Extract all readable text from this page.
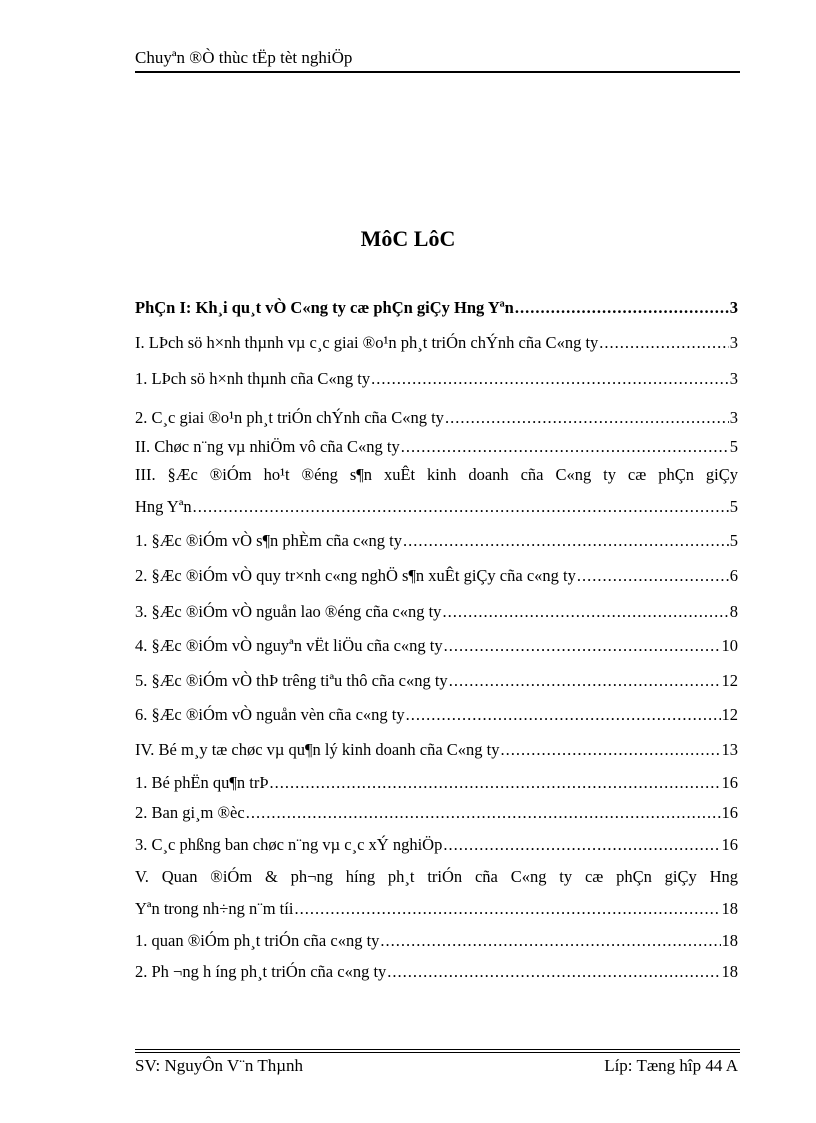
Chuyªn ®Ò thùc tËp tèt nghiÖp
MôC LôC
PhÇn I: Kh¸i qu¸t vÒ C«ng ty cæ phÇn giÇy Hng Yªn .....	3
I. LÞch sö h×nh thµnh vµ c¸c giai ®o¹n ph¸t triÓn chÝnh cña C«ng ty .....	3
1. LÞch sö h×nh thµnh cña C«ng ty .....	3
2. C¸c giai ®o¹n ph¸t triÓn chÝnh cña C«ng ty .....	3
II. Chøc n¨ng vµ nhiÖm vô cña C«ng ty .....	5
III. §Æc ®iÓm ho¹t ®éng s¶n xuÊt kinh doanh cña C«ng ty cæ phÇn giÇy
Hng Yªn .....	5
1. §Æc ®iÓm vÒ s¶n phÈm cña c«ng ty .....	5
2. §Æc ®iÓm vÒ quy tr×nh c«ng nghÖ s¶n xuÊt giÇy cña c«ng ty .....	6
3. §Æc ®iÓm vÒ nguån lao ®éng cña c«ng ty .....	8
4. §Æc ®iÓm vÒ nguyªn vËt liÖu cña c«ng ty .....	10
5. §Æc ®iÓm vÒ thÞ trêng tiªu thô cña c«ng ty .....	12
6. §Æc ®iÓm vÒ nguån vèn cña c«ng ty .....	12
IV. Bé m¸y tæ chøc vµ qu¶n lý kinh doanh cña C«ng ty .....	13
1. Bé phËn qu¶n trÞ .....	16
2. Ban gi¸m ®èc .....	16
3. C¸c phßng ban chøc n¨ng vµ c¸c xÝ nghiÖp .....	16
V. Quan ®iÓm & ph¬ng híng ph¸t triÓn cña C«ng ty cæ phÇn giÇy Hng
Yªn trong nh÷ng n¨m tíi .....	18
1. quan ®iÓm ph¸t triÓn cña c«ng ty .....	18
2. Ph ¬ng h íng ph¸t triÓn cña c«ng ty .....	18
SV: NguyÔn V¨n Thµnh	Líp: Tæng hîp 44 A
